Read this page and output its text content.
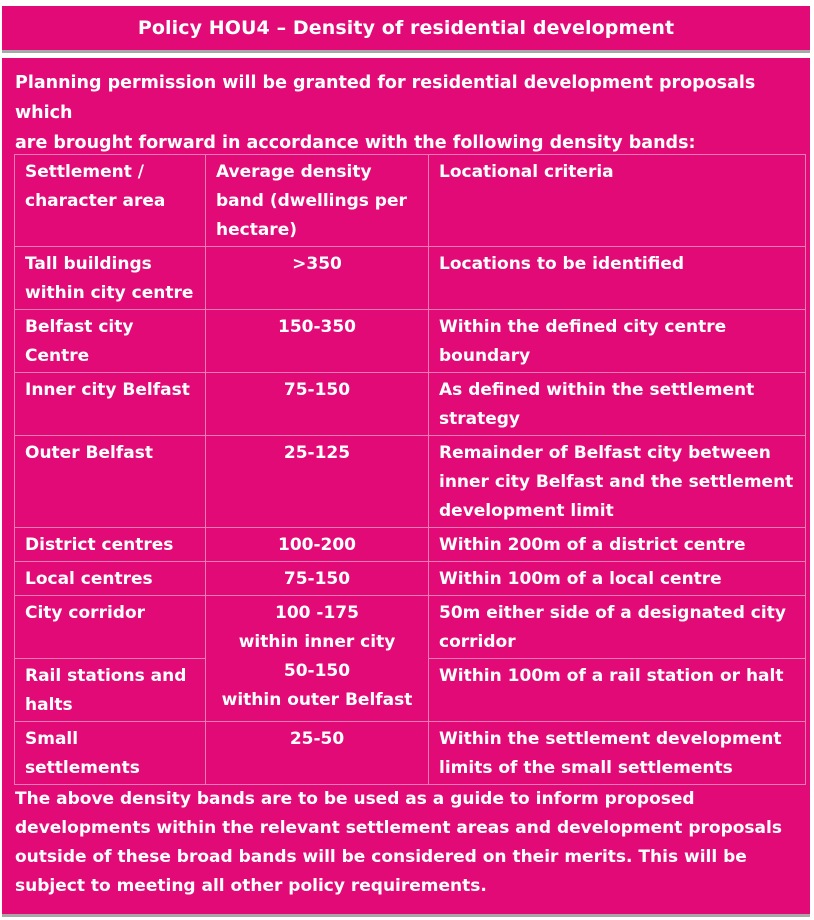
Policy HOU4 – Density of residential development

Planning permission will be granted for residential development proposals which
are brought forward in accordance with the following density bands:

Settlement /
character area	Average density
band (dwellings per
hectare)	Locational criteria

Tall buildings
within city centre	>350	Locations to be identified

Belfast city
Centre	150-350	Within the defined city centre
boundary

Inner city Belfast	75-150	As defined within the settlement
strategy

Outer Belfast	25-125	Remainder of Belfast city between
inner city Belfast and the settlement
development limit

District centres	100-200	Within 200m of a district centre

Local centres	75-150	Within 100m of a local centre

City corridor	100 -175
within inner city
50-150
within outer Belfast	50m either side of a designated city
corridor

Rail stations and
halts		Within 100m of a rail station or halt

Small settlements	25-50	Within the settlement development
limits of the small settlements

The above density bands are to be used as a guide to inform proposed
developments within the relevant settlement areas and development proposals
outside of these broad bands will be considered on their merits. This will be
subject to meeting all other policy requirements.
